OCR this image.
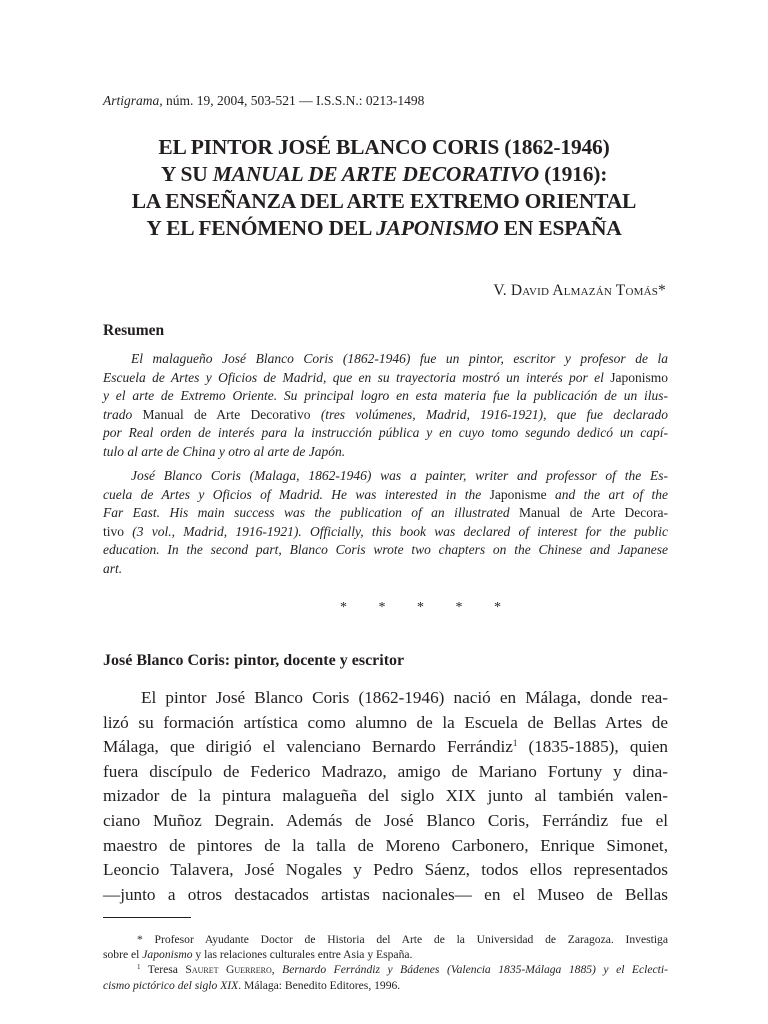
Artigrama, núm. 19, 2004, 503-521 — I.S.S.N.: 0213-1498
EL PINTOR JOSÉ BLANCO CORIS (1862-1946)
Y SU MANUAL DE ARTE DECORATIVO (1916):
LA ENSEÑANZA DEL ARTE EXTREMO ORIENTAL
Y EL FENÓMENO DEL JAPONISMO EN ESPAÑA
V. David Almazán Tomás*
Resumen
El malagueño José Blanco Coris (1862-1946) fue un pintor, escritor y profesor de la
Escuela de Artes y Oficios de Madrid, que en su trayectoria mostró un interés por el Japonismo
y el arte de Extremo Oriente. Su principal logro en esta materia fue la publicación de un ilus-
trado Manual de Arte Decorativo (tres volúmenes, Madrid, 1916-1921), que fue declarado
por Real orden de interés para la instrucción pública y en cuyo tomo segundo dedicó un capí-
tulo al arte de China y otro al arte de Japón.
José Blanco Coris (Malaga, 1862-1946) was a painter, writer and professor of the Es-
cuela de Artes y Oficios of Madrid. He was interested in the Japonisme and the art of the
Far East. His main success was the publication of an illustrated Manual de Arte Decora-
tivo (3 vol., Madrid, 1916-1921). Officially, this book was declared of interest for the public
education. In the second part, Blanco Coris wrote two chapters on the Chinese and Japanese
art.
* * * * *
José Blanco Coris: pintor, docente y escritor
El pintor José Blanco Coris (1862-1946) nació en Málaga, donde rea-
lizó su formación artística como alumno de la Escuela de Bellas Artes de
Málaga, que dirigió el valenciano Bernardo Ferrándiz$^1$ (1835-1885), quien
fuera discípulo de Federico Madrazo, amigo de Mariano Fortuny y dina-
mizador de la pintura malagueña del siglo XIX junto al también valen-
ciano Muñoz Degrain. Además de José Blanco Coris, Ferrándiz fue el
maestro de pintores de la talla de Moreno Carbonero, Enrique Simonet,
Leoncio Talavera, José Nogales y Pedro Sáenz, todos ellos representados
—junto a otros destacados artistas nacionales— en el Museo de Bellas
* Profesor Ayudante Doctor de Historia del Arte de la Universidad de Zaragoza. Investiga
sobre el Japonismo y las relaciones culturales entre Asia y España.
$^1$ Teresa Sauret Guerrero, Bernardo Ferrándiz y Bádenes (Valencia 1835-Málaga 1885) y el Eclecti-
cismo pictórico del siglo XIX. Málaga: Benedito Editores, 1996.
